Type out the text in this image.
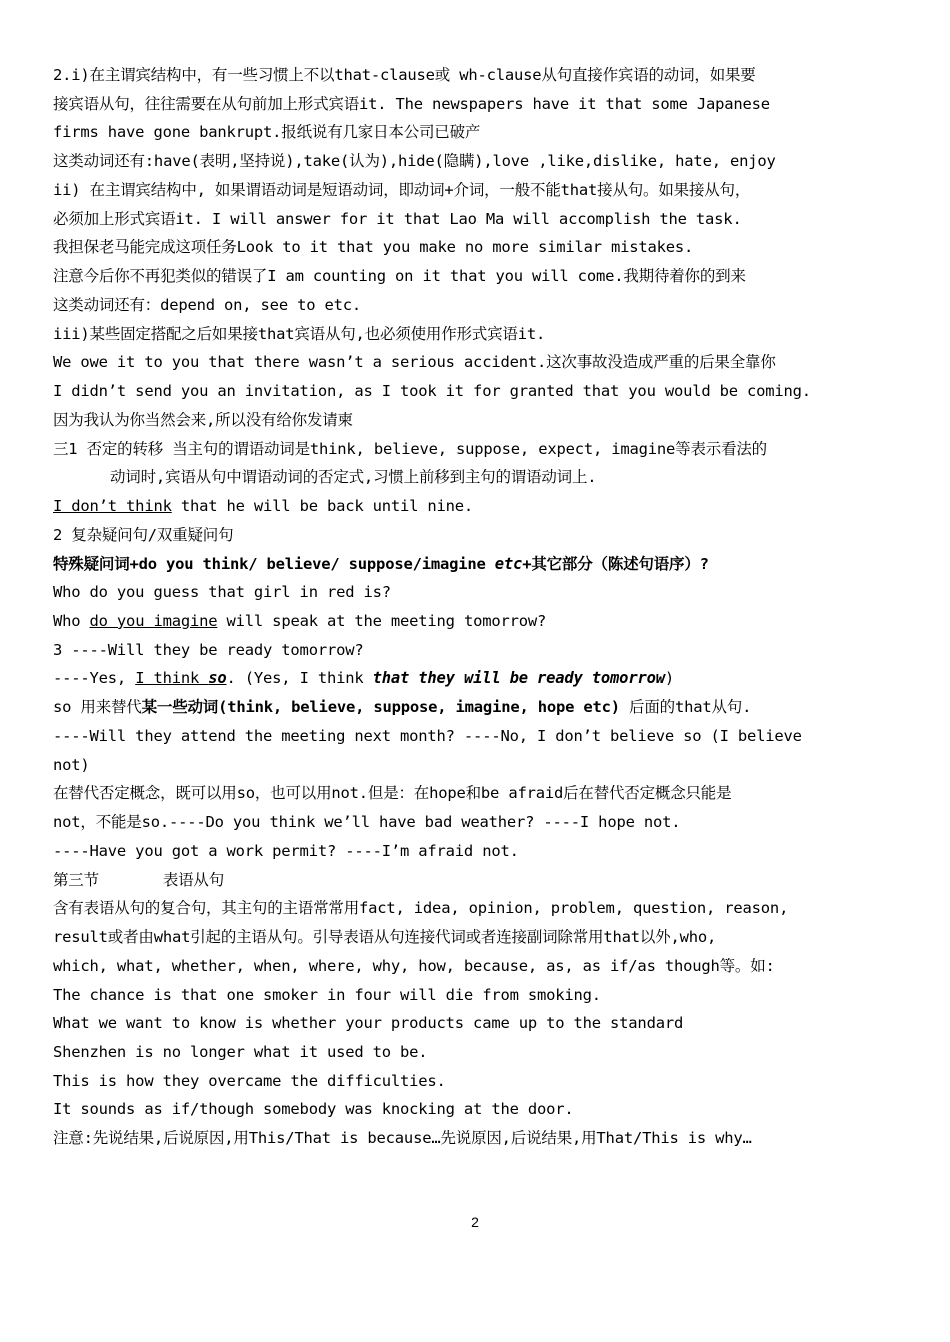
2.i)在主谓宾结构中，有一些习惯上不以that-clause或 wh-clause从句直接作宾语的动词，如果要
接宾语从句，往往需要在从句前加上形式宾语it. The newspapers have it that some Japanese
firms have gone bankrupt.报纸说有几家日本公司已破产
这类动词还有:have(表明,坚持说),take(认为),hide(隐瞒),love ,like,dislike, hate, enjoy
ii) 在主谓宾结构中, 如果谓语动词是短语动词，即动词+介词，一般不能that接从句。如果接从句，
必须加上形式宾语it. I will answer for it that Lao Ma will accomplish the task.
我担保老马能完成这项任务Look to it that you make no more similar mistakes.
注意今后你不再犯类似的错误了I am counting on it that you will come.我期待着你的到来
这类动词还有：depend on, see to etc.
iii)某些固定搭配之后如果接that宾语从句,也必须使用作形式宾语it.
We owe it to you that there wasn’t a serious accident.这次事故没造成严重的后果全靠你
I didn’t send you an invitation, as I took it for granted that you would be coming.
因为我认为你当然会来,所以没有给你发请柬
三1 否定的转移 当主句的谓语动词是think, believe, suppose, expect, imagine等表示看法的
动词时,宾语从句中谓语动词的否定式,习惯上前移到主句的谓语动词上.
I don’t think that he will be back until nine.
2 复杂疑问句/双重疑问句
特殊疑问词+do you think/ believe/ suppose/imagine etc+其它部分（陈述句语序）?
Who do you guess that girl in red is?
Who do you imagine will speak at the meeting tomorrow?
3 ----Will they be ready tomorrow?
----Yes, I think so. (Yes, I think that they will be ready tomorrow)
so 用来替代某一些动词(think, believe, suppose, imagine, hope etc) 后面的that从句.
----Will they attend the meeting next month? ----No, I don’t believe so (I believe
not)
在替代否定概念，既可以用so，也可以用not.但是：在hope和be afraid后在替代否定概念只能是
not，不能是so.----Do you think we’ll have bad weather? ----I hope not.
----Have you got a work permit? ----I’m afraid not.
第三节       表语从句
含有表语从句的复合句，其主句的主语常常用fact, idea, opinion, problem, question, reason,
result或者由what引起的主语从句。引导表语从句连接代词或者连接副词除常用that以外,who,
which, what, whether, when, where, why, how, because, as, as if/as though等。如:
The chance is that one smoker in four will die from smoking.
What we want to know is whether your products came up to the standard
Shenzhen is no longer what it used to be.
This is how they overcame the difficulties.
It sounds as if/though somebody was knocking at the door.
注意:先说结果,后说原因,用This/That is because…先说原因,后说结果,用That/This is why…
2
